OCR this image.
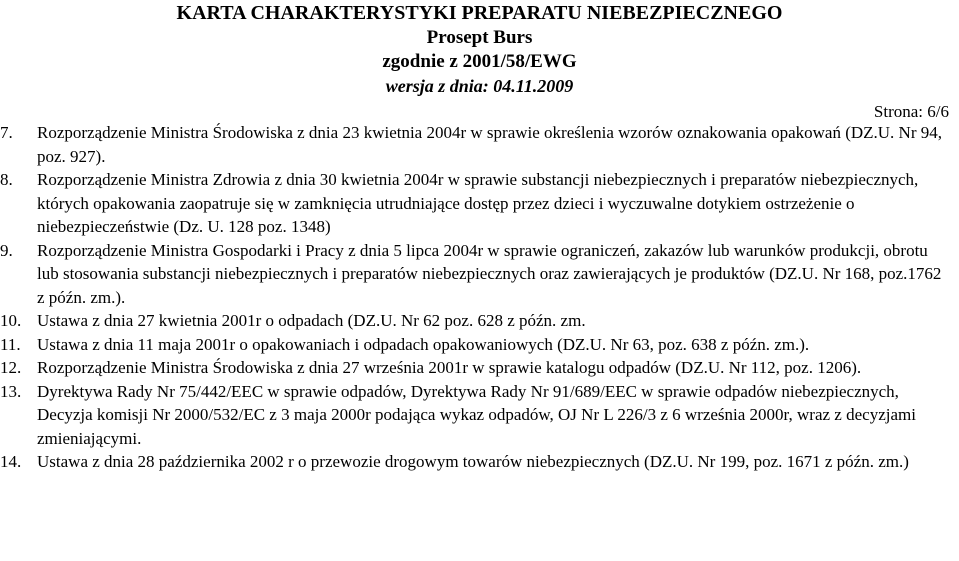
KARTA CHARAKTERYSTYKI PREPARATU NIEBEZPIECZNEGO
Prosept Burs
zgodnie z 2001/58/EWG
wersja z dnia: 04.11.2009
Strona: 6/6
7.	Rozporządzenie Ministra Środowiska z dnia 23 kwietnia 2004r w sprawie określenia wzorów oznakowania opakowań (DZ.U. Nr 94, poz. 927).
8.	Rozporządzenie Ministra Zdrowia z dnia 30 kwietnia 2004r w sprawie substancji niebezpiecznych i preparatów niebezpiecznych, których opakowania zaopatruje się w zamknięcia utrudniające dostęp przez dzieci i wyczuwalne dotykiem ostrzeżenie o niebezpieczeństwie (Dz. U. 128 poz. 1348)
9.	Rozporządzenie Ministra Gospodarki i Pracy z dnia 5 lipca 2004r w sprawie ograniczeń, zakazów lub warunków produkcji, obrotu lub stosowania substancji niebezpiecznych i preparatów niebezpiecznych oraz zawierających je produktów (DZ.U. Nr 168, poz.1762 z późn. zm.).
10. Ustawa z dnia 27 kwietnia 2001r o odpadach (DZ.U. Nr 62 poz. 628 z późn. zm.
11. Ustawa z dnia 11 maja 2001r o opakowaniach i odpadach opakowaniowych (DZ.U. Nr 63, poz. 638 z późn. zm.).
12. Rozporządzenie Ministra Środowiska z dnia 27 września 2001r w sprawie katalogu odpadów (DZ.U. Nr 112, poz. 1206).
13. Dyrektywa Rady Nr 75/442/EEC w sprawie odpadów, Dyrektywa Rady Nr 91/689/EEC w sprawie odpadów niebezpiecznych, Decyzja komisji Nr 2000/532/EC z 3 maja 2000r podająca wykaz odpadów, OJ Nr L 226/3 z 6 września 2000r, wraz z decyzjami zmieniającymi.
14. Ustawa z dnia 28 października 2002 r o przewozie drogowym towarów niebezpiecznych (DZ.U. Nr 199, poz. 1671 z późn. zm.)
